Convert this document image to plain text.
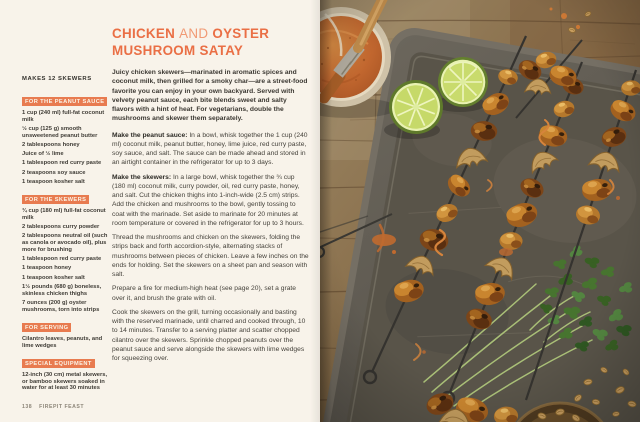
MAKES 12 SKEWERS
FOR THE PEANUT SAUCE

1 cup (240 ml) full-fat coconut milk

½ cup (125 g) smooth unsweetened peanut butter

2 tablespoons honey

Juice of ½ lime

1 tablespoon red curry paste

2 teaspoons soy sauce

1 teaspoon kosher salt

FOR THE SKEWERS

¾ cup (180 ml) full-fat coconut milk

2 tablespoons curry powder

2 tablespoons neutral oil (such as canola or avocado oil), plus more for brushing

1 tablespoon red curry paste

1 teaspoon honey

1 teaspoon kosher salt

1½ pounds (680 g) boneless, skinless chicken thighs

7 ounces (200 g) oyster mushrooms, torn into strips

FOR SERVING

Cilantro leaves, peanuts, and lime wedges

SPECIAL EQUIPMENT

12-inch (30 cm) metal skewers, or bamboo skewers soaked in water for at least 30 minutes

CHICKEN AND OYSTER MUSHROOM SATAY

Juicy chicken skewers—marinated in aromatic spices and coconut milk, then grilled for a smoky char—are a street-food favorite you can enjoy in your own backyard. Served with velvety peanut sauce, each bite blends sweet and salty flavors with a hint of heat. For vegetarians, double the mushrooms and skewer them separately.

Make the peanut sauce: In a bowl, whisk together the 1 cup (240 ml) coconut milk, peanut butter, honey, lime juice, red curry paste, soy sauce, and salt. The sauce can be made ahead and stored in an airtight container in the refrigerator for up to 3 days.

Make the skewers: In a large bowl, whisk together the ¾ cup (180 ml) coconut milk, curry powder, oil, red curry paste, honey, and salt. Cut the chicken thighs into 1-inch-wide (2.5 cm) strips. Add the chicken and mushrooms to the bowl, gently tossing to coat with the marinade. Set aside to marinate for 20 minutes at room temperature or covered in the refrigerator for up to 3 hours.

Thread the mushrooms and chicken on the skewers, folding the strips back and forth accordion-style, alternating stacks of mushrooms between pieces of chicken. Leave a few inches on the ends for holding. Set the skewers on a sheet pan and season with salt.

Prepare a fire for medium-high heat (see page 20), set a grate over it, and brush the grate with oil.

Cook the skewers on the grill, turning occasionally and basting with the reserved marinade, until charred and cooked through, 10 to 14 minutes. Transfer to a serving platter and scatter chopped cilantro over the skewers. Sprinkle chopped peanuts over the peanut sauce and serve alongside the skewers with lime wedges for squeezing over.

138 FIREPIT FEAST
